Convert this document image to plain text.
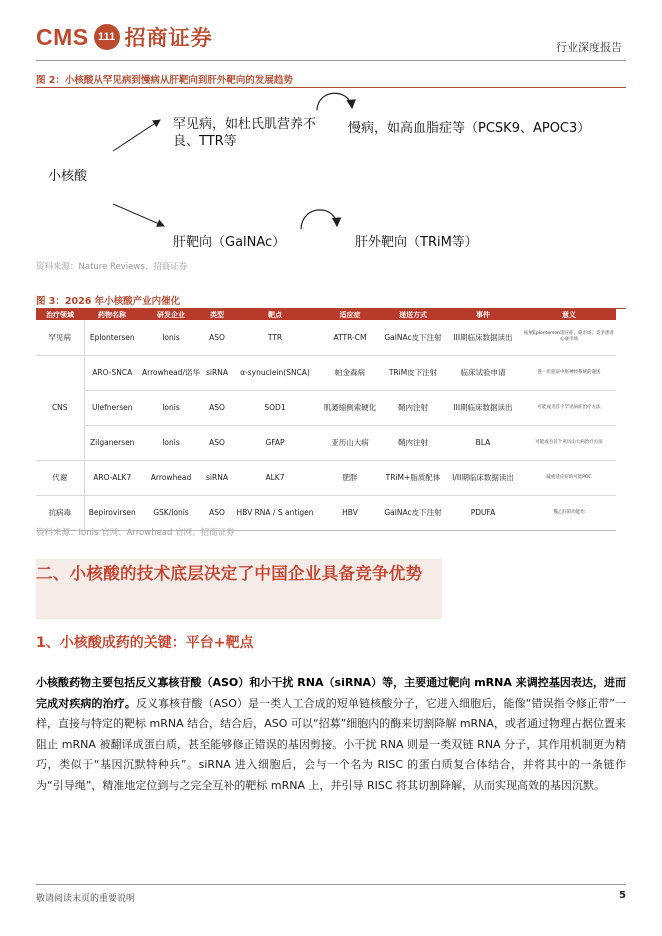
CMS 111 招商证券	行业深度报告
图 2：小核酸从罕见病到慢病从肝靶向到肝外靶向的发展趋势
小核酸
罕见病，如杜氏肌营养不良、TTR等
慢病，如高血脂症等（PCSK9、APOC3）
肝靶向（GalNAc）	肝外靶向（TRiM等）
资料来源：Nature Reviews、招商证券
图 3：2026 年小核酸产业内催化
治疗领域	药物名称	研发企业	类型	靶点	适应症	递送方式	事件	意义
罕见病	Eplontersen	Ionis	ASO	TTR	ATTR-CM	GalNAc皮下注射	III期临床数据读出	拓展Eplontersen适应症，稳市场，竞争患者心衰市场
CNS	ARO-SNCA	Arrowhead/诺华	siRNA	α-synuclein(SNCA)	帕金森病	TRiM皮下注射	临床试验申请	进一步验证中枢神经系统的递送
	Ulefnersen	Ionis	ASO	SOD1	肌萎缩侧索硬化	鞘内注射	III期临床数据读出	可能成为首个罕见病症治疗方法
	Zilganersen	Ionis	ASO	GFAP	亚历山大病	鞘内注射	BLA	可能成为首个亚历山大病治疗方法
代谢	ARO-ALK7	Arrowhead	siRNA	ALK7	肥胖	TRiM+脂质配体	I/II期临床数据读出	减重适应症的可能POC
抗病毒	Bepirovirsen	GSK/Ionis	ASO	HBV RNA / S antigen	HBV	GalNAc皮下注射	PDUFA	慢乙肝的功能治
资料来源：Ionis 官网、Arrowhead 官网、招商证券
二、小核酸的技术底层决定了中国企业具备竞争优势
1、小核酸成药的关键：平台+靶点
小核酸药物主要包括反义寡核苷酸（ASO）和小干扰 RNA（siRNA）等，主要通过靶向 mRNA 来调控基因表达，进而完成对疾病的治疗。反义寡核苷酸（ASO）是一类人工合成的短单链核酸分子，它进入细胞后，能像“错误指令修正带”一样，直接与特定的靶标 mRNA 结合，结合后，ASO 可以“招募”细胞内的酶来切割降解 mRNA，或者通过物理占据位置来阻止 mRNA 被翻译成蛋白质，甚至能够修正错误的基因剪接。小干扰 RNA 则是一类双链 RNA 分子，其作用机制更为精巧，类似于“基因沉默特种兵”。siRNA 进入细胞后，会与一个名为 RISC 的蛋白质复合体结合，并将其中的一条链作为“引导绳”，精准地定位到与之完全互补的靶标 mRNA 上，并引导 RISC 将其切割降解，从而实现高效的基因沉默。
敬请阅读末页的重要说明	5
